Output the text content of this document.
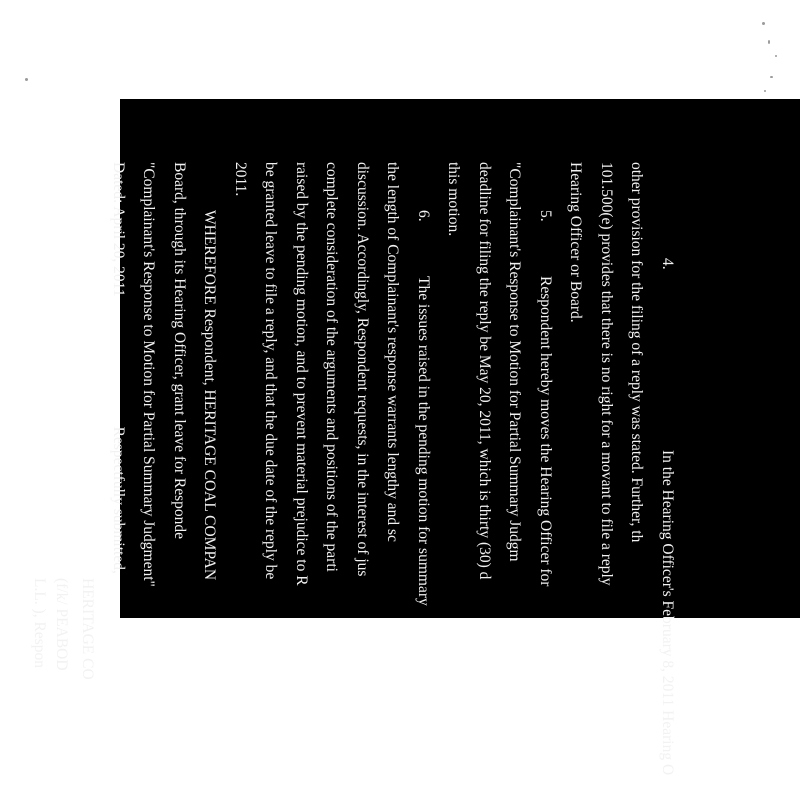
4.
In the Hearing Officer's February 8, 2011 Hearing O
other provision for the filing of a reply was stated. Further, th
101.500(e) provides that there is no right for a movant to file a reply
Hearing Officer or Board.
5.
Respondent hereby moves the Hearing Officer for
"Complainant's Response to Motion for Partial Summary Judgm
deadline for filing the reply be May 20, 2011, which is thirty (30) d
this motion.
6.
The issues raised in the pending motion for summary
the length of Complainant's response warrants lengthy and sc
discussion. Accordingly, Respondent requests, in the interest of jus
complete consideration of the arguments and positions of the parti
raised by the pending motion, and to prevent material prejudice to R
be granted leave to file a reply, and that the due date of the reply be
2011.
WHEREFORE Respondent, HERITAGE COAL COMPAN
Board, through its Hearing Officer, grant leave for Responde
"Complainant's Response to Motion for Partial Summary Judgment"
Dated: April 20, 2011
Respectfully submitted,
HERITAGE CO
(f/k/ PEABOD
L.L. ), Respon
